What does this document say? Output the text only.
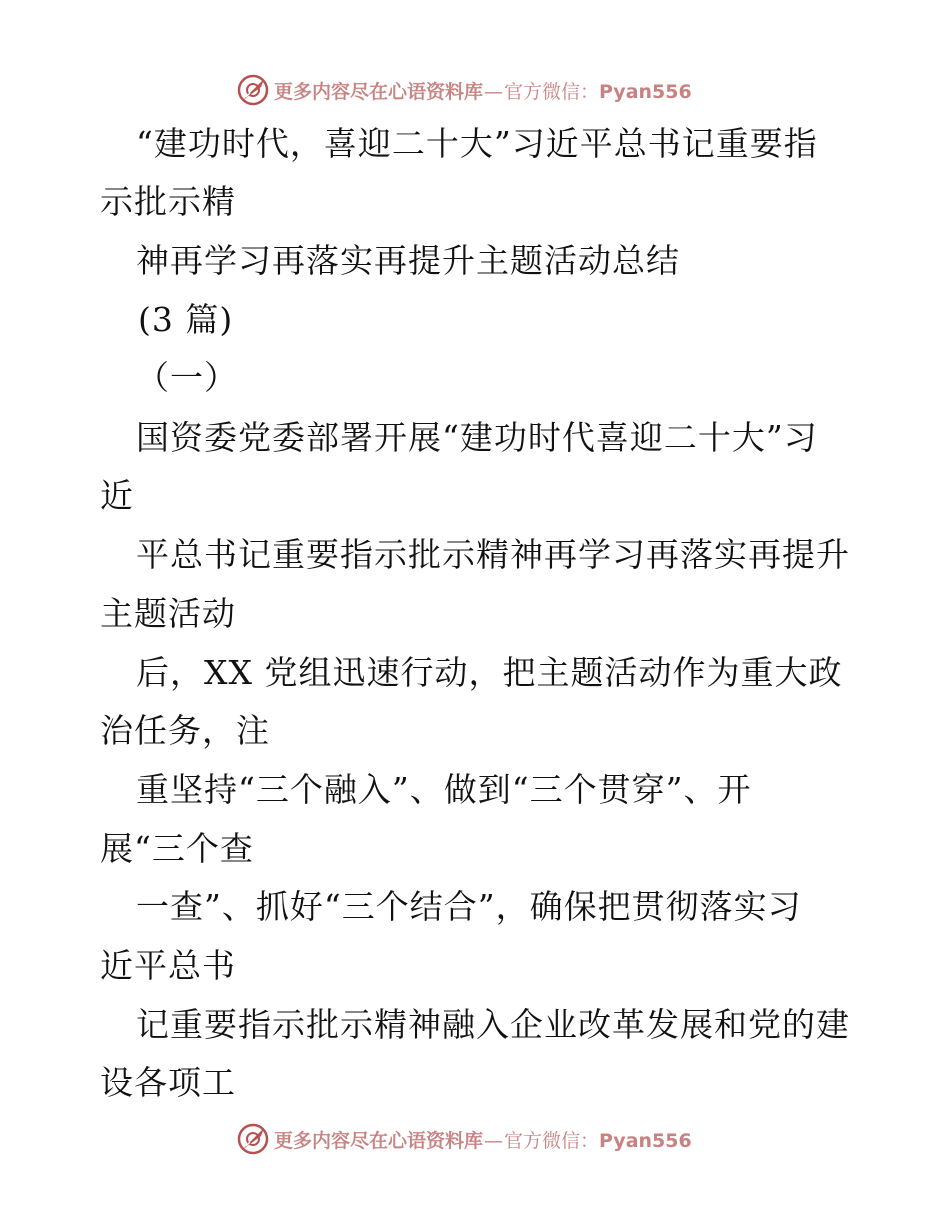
更多内容尽在心语资料库—官方微信：Pyan556
“建功时代，喜迎二十大”习近平总书记重要指
示批示精
神再学习再落实再提升主题活动总结
(3 篇)
（一）
国资委党委部署开展“建功时代喜迎二十大”习
近
平总书记重要指示批示精神再学习再落实再提升
主题活动
后，XX 党组迅速行动，把主题活动作为重大政
治任务，注
重坚持“三个融入”、做到“三个贯穿”、开
展“三个查
一查”、抓好“三个结合”，确保把贯彻落实习
近平总书
记重要指示批示精神融入企业改革发展和党的建
设各项工
更多内容尽在心语资料库—官方微信：Pyan556
